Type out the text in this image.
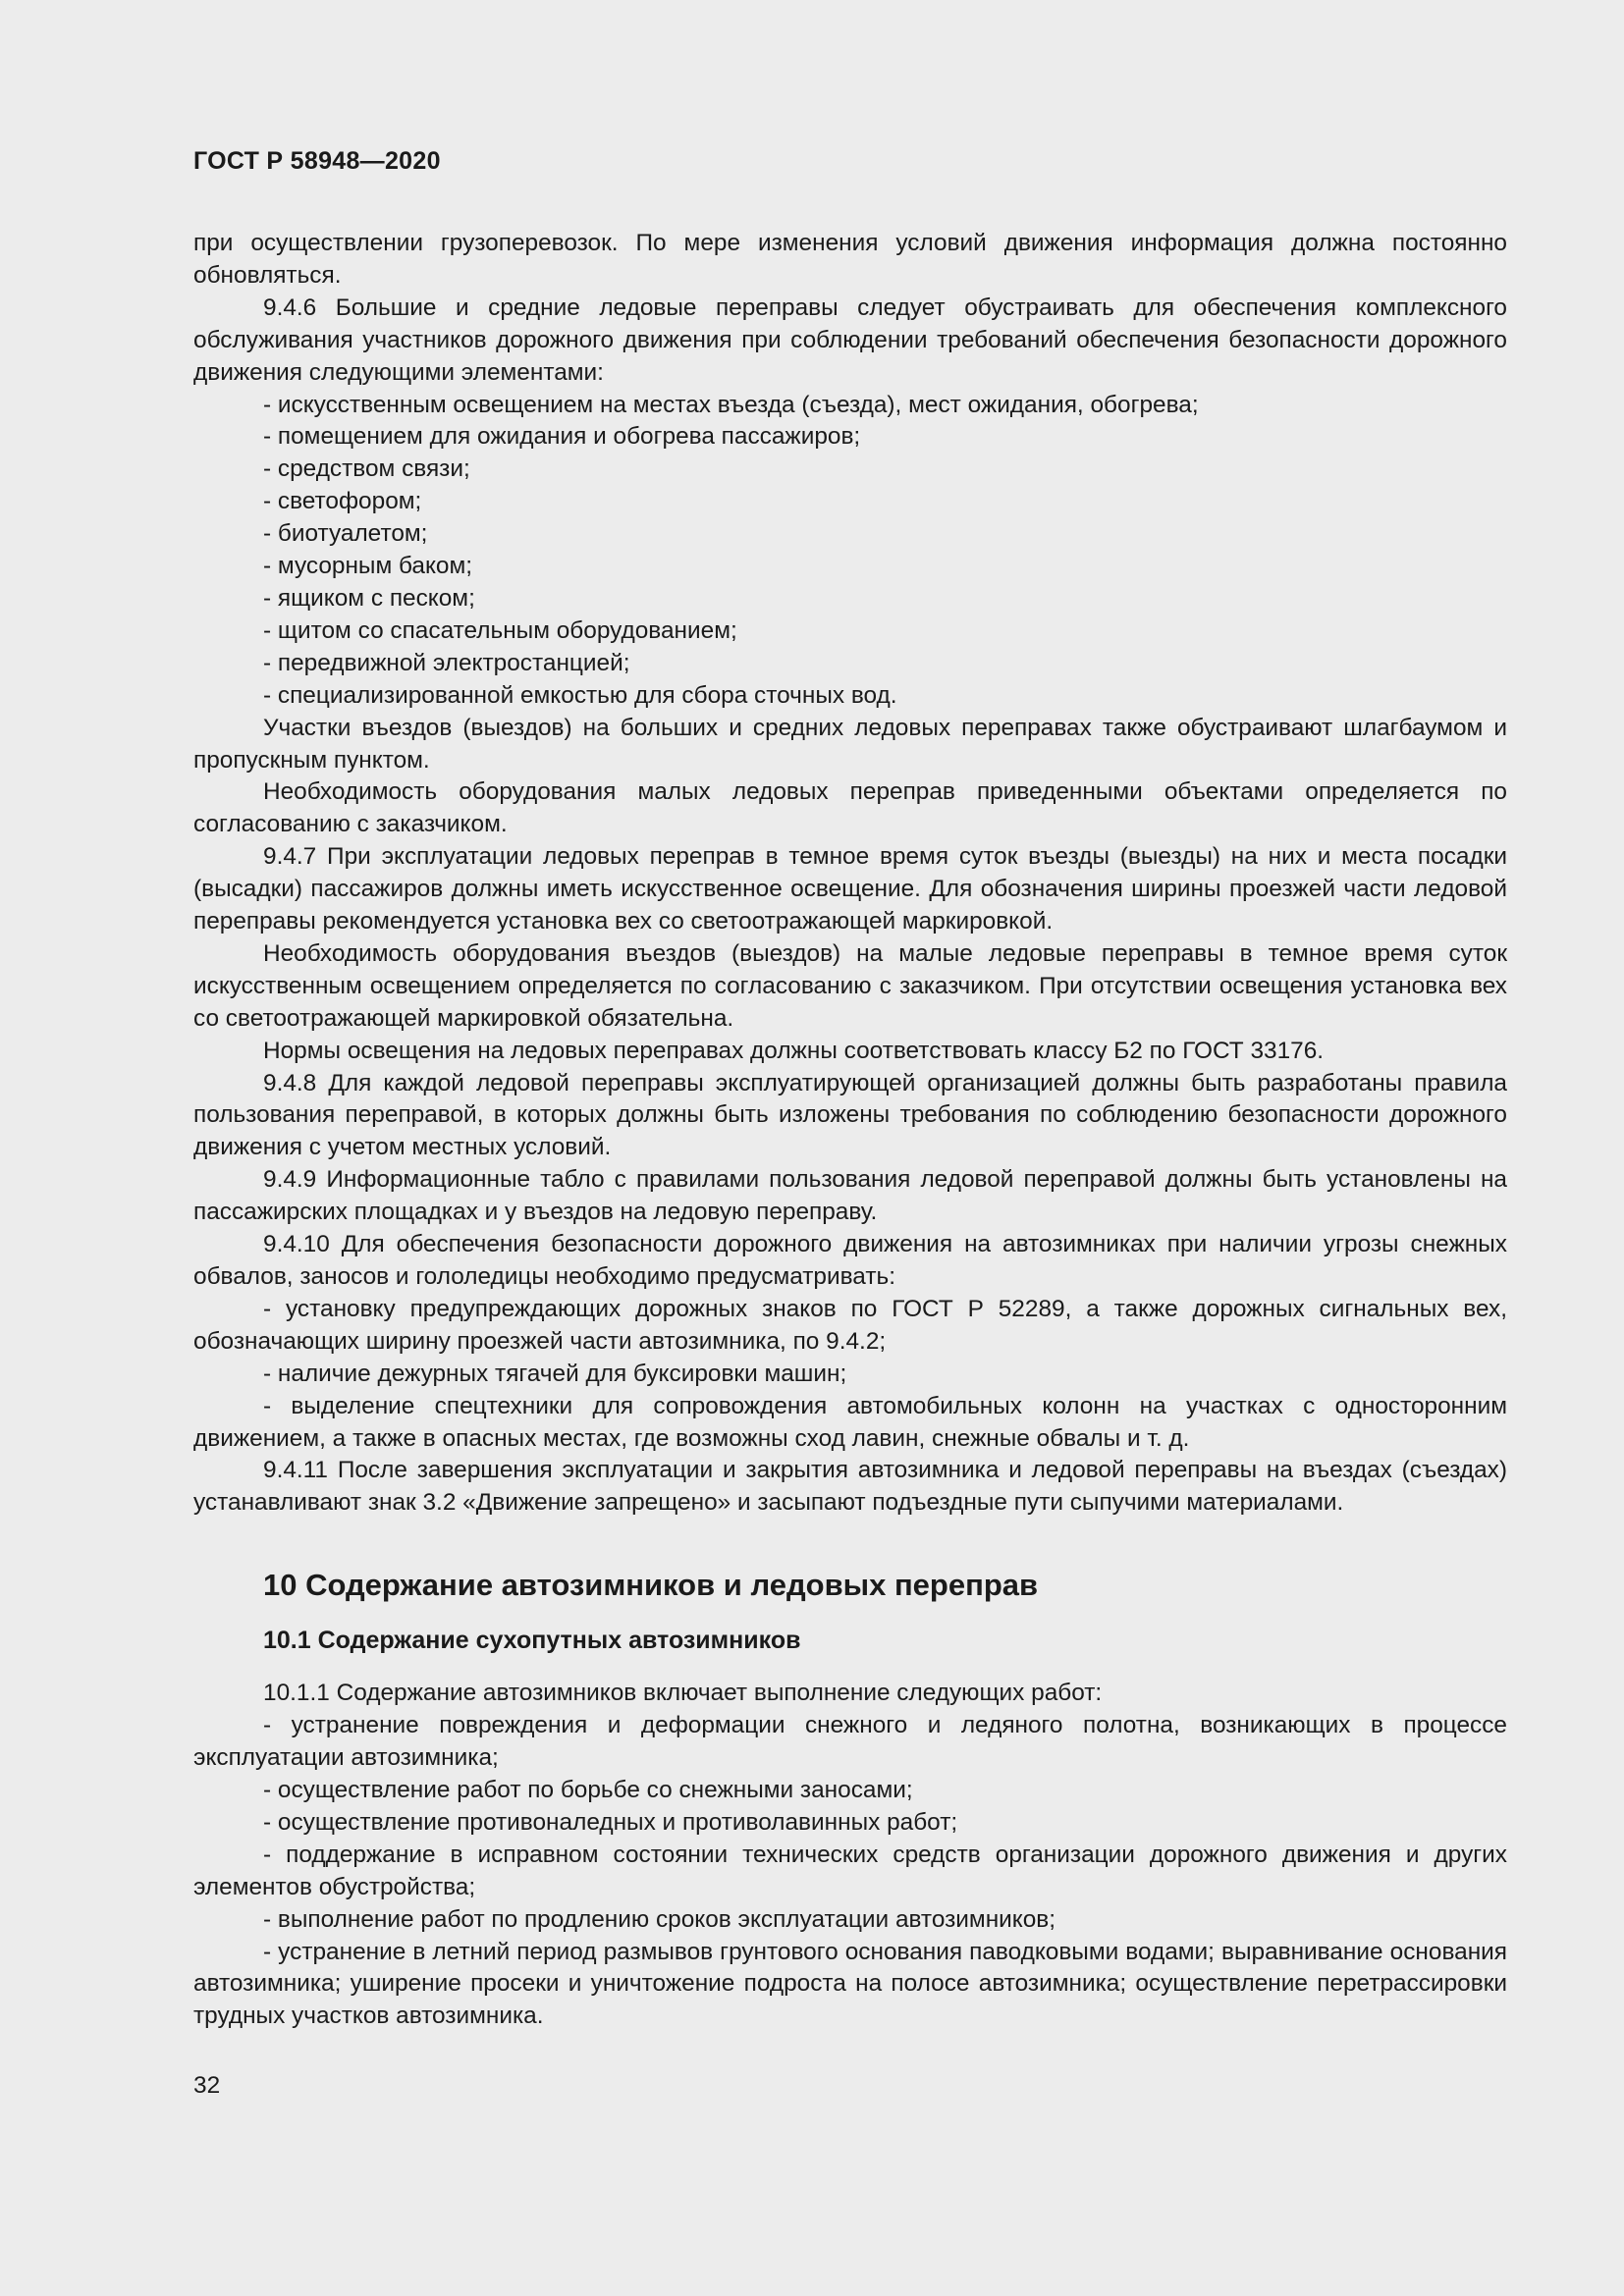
ГОСТ Р 58948—2020

при осуществлении грузоперевозок. По мере изменения условий движения информация должна постоянно обновляться.

9.4.6 Большие и средние ледовые переправы следует обустраивать для обеспечения комплексного обслуживания участников дорожного движения при соблюдении требований обеспечения безопасности дорожного движения следующими элементами:

- искусственным освещением на местах въезда (съезда), мест ожидания, обогрева;

- помещением для ожидания и обогрева пассажиров;

- средством связи;

- светофором;

- биотуалетом;

- мусорным баком;

- ящиком с песком;

- щитом со спасательным оборудованием;

- передвижной электростанцией;

- специализированной емкостью для сбора сточных вод.

Участки въездов (выездов) на больших и средних ледовых переправах также обустраивают шлагбаумом и пропускным пунктом.

Необходимость оборудования малых ледовых переправ приведенными объектами определяется по согласованию с заказчиком.

9.4.7 При эксплуатации ледовых переправ в темное время суток въезды (выезды) на них и места посадки (высадки) пассажиров должны иметь искусственное освещение. Для обозначения ширины проезжей части ледовой переправы рекомендуется установка вех со светоотражающей маркировкой.

Необходимость оборудования въездов (выездов) на малые ледовые переправы в темное время суток искусственным освещением определяется по согласованию с заказчиком. При отсутствии освещения установка вех со светоотражающей маркировкой обязательна.

Нормы освещения на ледовых переправах должны соответствовать классу Б2 по ГОСТ 33176.

9.4.8 Для каждой ледовой переправы эксплуатирующей организацией должны быть разработаны правила пользования переправой, в которых должны быть изложены требования по соблюдению безопасности дорожного движения с учетом местных условий.

9.4.9 Информационные табло с правилами пользования ледовой переправой должны быть установлены на пассажирских площадках и у въездов на ледовую переправу.

9.4.10 Для обеспечения безопасности дорожного движения на автозимниках при наличии угрозы снежных обвалов, заносов и гололедицы необходимо предусматривать:

- установку предупреждающих дорожных знаков по ГОСТ Р 52289, а также дорожных сигнальных вех, обозначающих ширину проезжей части автозимника, по 9.4.2;

- наличие дежурных тягачей для буксировки машин;

- выделение спецтехники для сопровождения автомобильных колонн на участках с односторонним движением, а также в опасных местах, где возможны сход лавин, снежные обвалы и т. д.

9.4.11 После завершения эксплуатации и закрытия автозимника и ледовой переправы на въездах (съездах) устанавливают знак 3.2 «Движение запрещено» и засыпают подъездные пути сыпучими материалами.

10 Содержание автозимников и ледовых переправ
10.1 Содержание сухопутных автозимников

10.1.1 Содержание автозимников включает выполнение следующих работ:

- устранение повреждения и деформации снежного и ледяного полотна, возникающих в процессе эксплуатации автозимника;

- осуществление работ по борьбе со снежными заносами;

- осуществление противоналедных и противолавинных работ;

- поддержание в исправном состоянии технических средств организации дорожного движения и других элементов обустройства;

- выполнение работ по продлению сроков эксплуатации автозимников;

- устранение в летний период размывов грунтового основания паводковыми водами; выравнивание основания автозимника; уширение просеки и уничтожение подроста на полосе автозимника; осуществление перетрассировки трудных участков автозимника.

32
